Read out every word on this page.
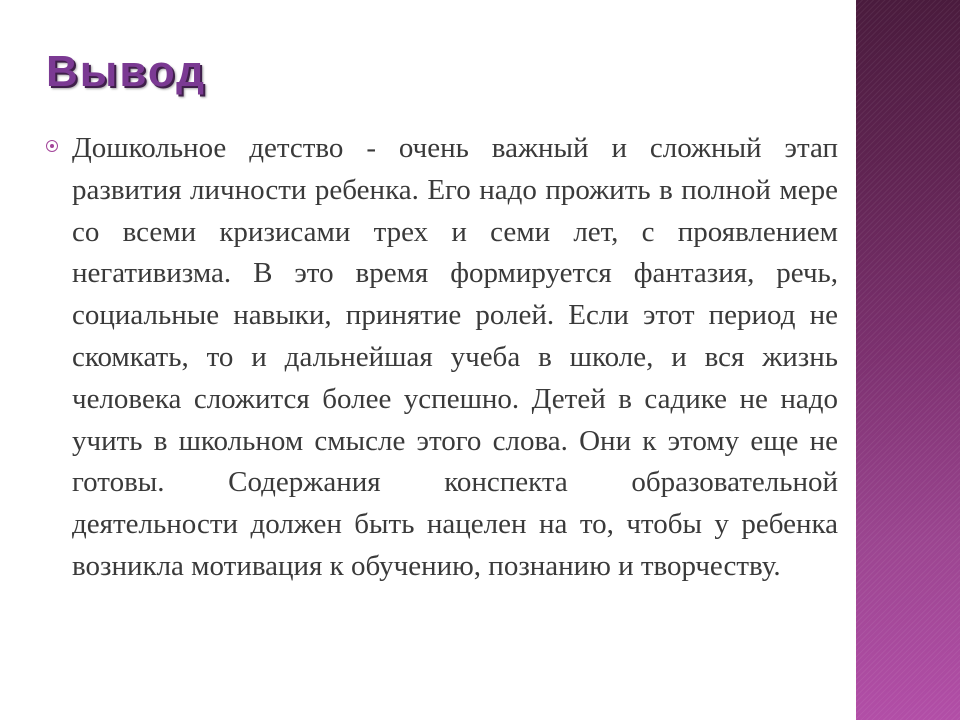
Вывод

Дошкольное детство - очень важный и сложный этап развития личности ребенка. Его надо прожить в полной мере со всеми кризисами трех и семи лет, с проявлением негативизма. В это время формируется фантазия, речь, социальные навыки, принятие ролей. Если этот период не скомкать, то и дальнейшая учеба в школе, и вся жизнь человека сложится более успешно. Детей в садике не надо учить в школьном смысле этого слова. Они к этому еще не готовы. Содержания конспекта образовательной деятельности должен быть нацелен на то, чтобы у ребенка возникла мотивация к обучению, познанию и творчеству.
